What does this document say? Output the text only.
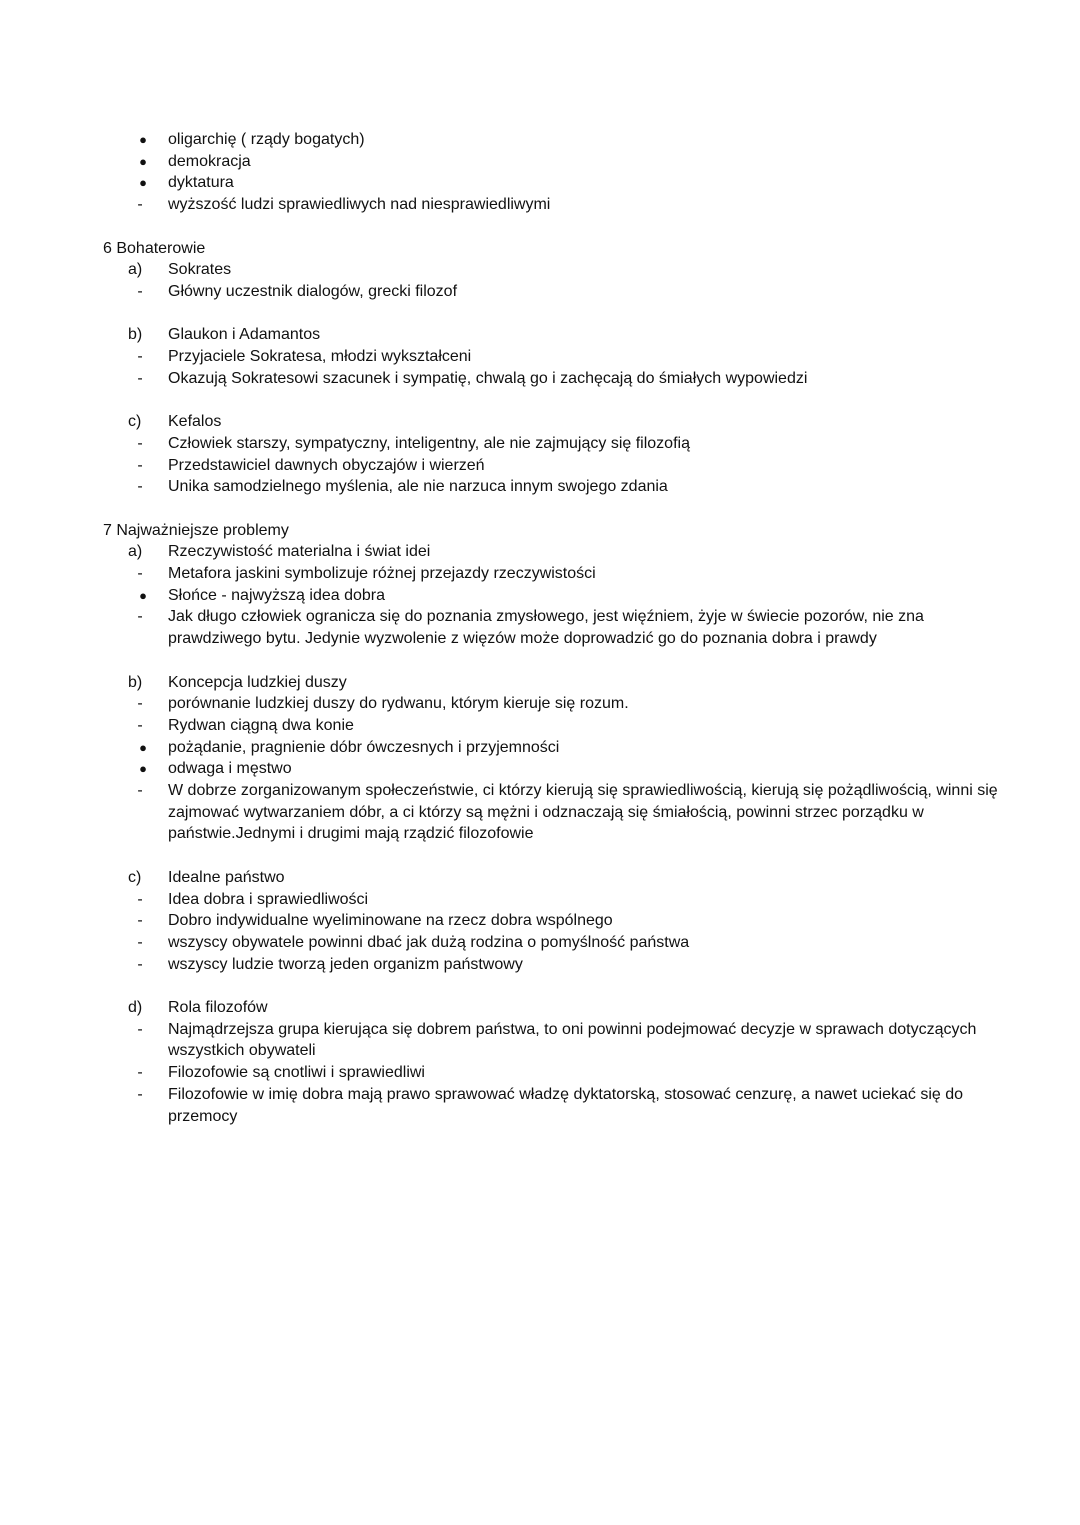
●	oligarchię ( rządy bogatych)
●	demokracja
●	dyktatura
-	wyższość ludzi sprawiedliwych nad niesprawiedliwymi
6 Bohaterowie
a) Sokrates
-	Główny uczestnik dialogów, grecki filozof
b) Glaukon i Adamantos
-	Przyjaciele Sokratesa, młodzi wykształceni
-	Okazują Sokratesowi szacunek i sympatię, chwalą go i zachęcają do śmiałych wypowiedzi
c) Kefalos
-	Człowiek starszy, sympatyczny, inteligentny, ale nie zajmujący się filozofią
-	Przedstawiciel dawnych obyczajów i wierzeń
-	Unika samodzielnego myślenia, ale nie narzuca innym swojego zdania
7 Najważniejsze problemy
a) Rzeczywistość materialna i świat idei
-	Metafora jaskini symbolizuje różnej przejazdy rzeczywistości
●	Słońce - najwyższą idea dobra
-	Jak długo człowiek ogranicza się do poznania zmysłowego, jest więźniem, żyje w świecie pozorów, nie zna prawdziwego bytu. Jedynie wyzwolenie z więzów może doprowadzić go do poznania dobra i prawdy
b) Koncepcja ludzkiej duszy
-	porównanie ludzkiej duszy do rydwanu, którym kieruje się rozum.
-	Rydwan ciągną dwa konie
●	pożądanie, pragnienie dóbr ówczesnych i przyjemności
●	odwaga i męstwo
-	W dobrze zorganizowanym społeczeństwie, ci którzy kierują się sprawiedliwością, kierują się pożądliwością, winni się zajmować wytwarzaniem dóbr, a ci którzy są mężni i odznaczają się śmiałością, powinni strzec porządku w państwie.Jednymi i drugimi mają rządzić filozofowie
c) Idealne państwo
-	Idea dobra i sprawiedliwości
-	Dobro indywidualne wyeliminowane na rzecz dobra wspólnego
-	wszyscy obywatele powinni dbać jak dużą rodzina o pomyślność państwa
-	wszyscy ludzie tworzą jeden organizm państwowy
d) Rola filozofów
-	Najmądrzejsza grupa kierująca się dobrem państwa, to oni powinni podejmować decyzje w sprawach dotyczących wszystkich obywateli
-	Filozofowie są cnotliwi i sprawiedliwi
-	Filozofowie w imię dobra mają prawo sprawować władzę dyktatorską, stosować cenzurę, a nawet uciekać się do przemocy
